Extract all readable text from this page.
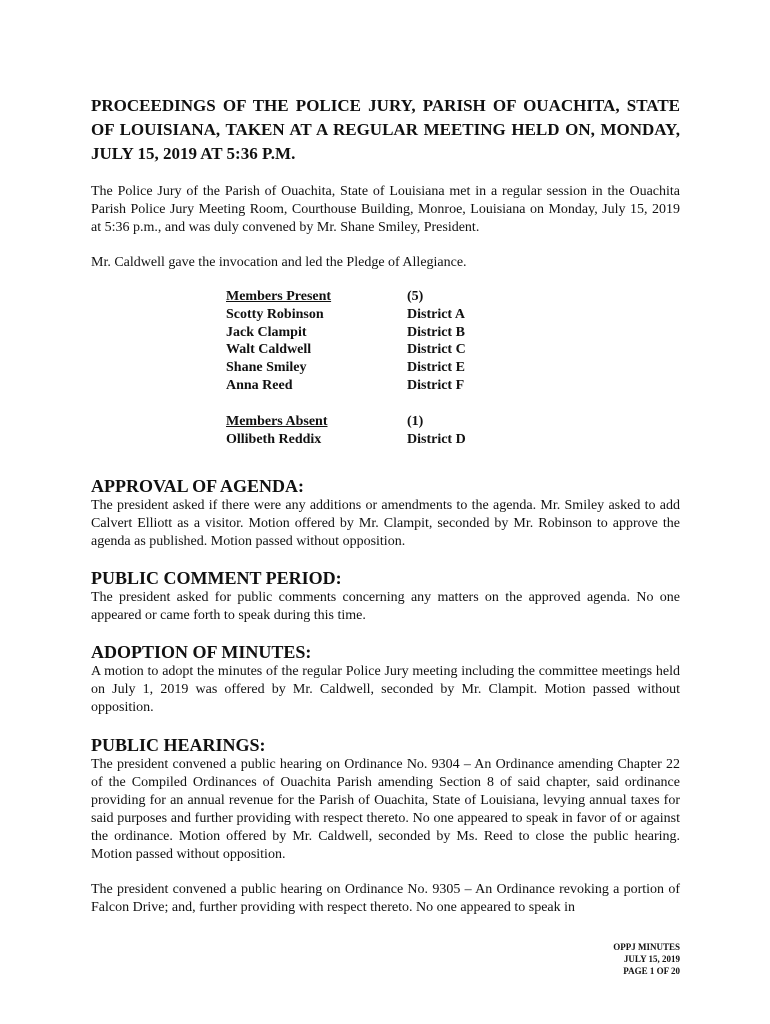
PROCEEDINGS OF THE POLICE JURY, PARISH OF OUACHITA, STATE OF LOUISIANA, TAKEN AT A REGULAR MEETING HELD ON, MONDAY, JULY 15, 2019 AT 5:36 P.M.

The Police Jury of the Parish of Ouachita, State of Louisiana met in a regular session in the Ouachita Parish Police Jury Meeting Room, Courthouse Building, Monroe, Louisiana on Monday, July 15, 2019 at 5:36 p.m., and was duly convened by Mr. Shane Smiley, President.

Mr. Caldwell gave the invocation and led the Pledge of Allegiance.

Members Present	(5)
Scotty Robinson	District A
Jack Clampit	District B
Walt Caldwell	District C
Shane Smiley	District E
Anna Reed	District F
Members Absent	(1)
Ollibeth Reddix	District D
APPROVAL OF AGENDA:

The president asked if there were any additions or amendments to the agenda. Mr. Smiley asked to add Calvert Elliott as a visitor. Motion offered by Mr. Clampit, seconded by Mr. Robinson to approve the agenda as published. Motion passed without opposition.

PUBLIC COMMENT PERIOD:

The president asked for public comments concerning any matters on the approved agenda. No one appeared or came forth to speak during this time.

ADOPTION OF MINUTES:

A motion to adopt the minutes of the regular Police Jury meeting including the committee meetings held on July 1, 2019 was offered by Mr. Caldwell, seconded by Mr. Clampit. Motion passed without opposition.

PUBLIC HEARINGS:

The president convened a public hearing on Ordinance No. 9304 – An Ordinance amending Chapter 22 of the Compiled Ordinances of Ouachita Parish amending Section 8 of said chapter, said ordinance providing for an annual revenue for the Parish of Ouachita, State of Louisiana, levying annual taxes for said purposes and further providing with respect thereto. No one appeared to speak in favor of or against the ordinance. Motion offered by Mr. Caldwell, seconded by Ms. Reed to close the public hearing. Motion passed without opposition.

The president convened a public hearing on Ordinance No. 9305 – An Ordinance revoking a portion of Falcon Drive; and, further providing with respect thereto. No one appeared to speak in

OPPJ MINUTES
JULY 15, 2019
PAGE 1 OF 20
